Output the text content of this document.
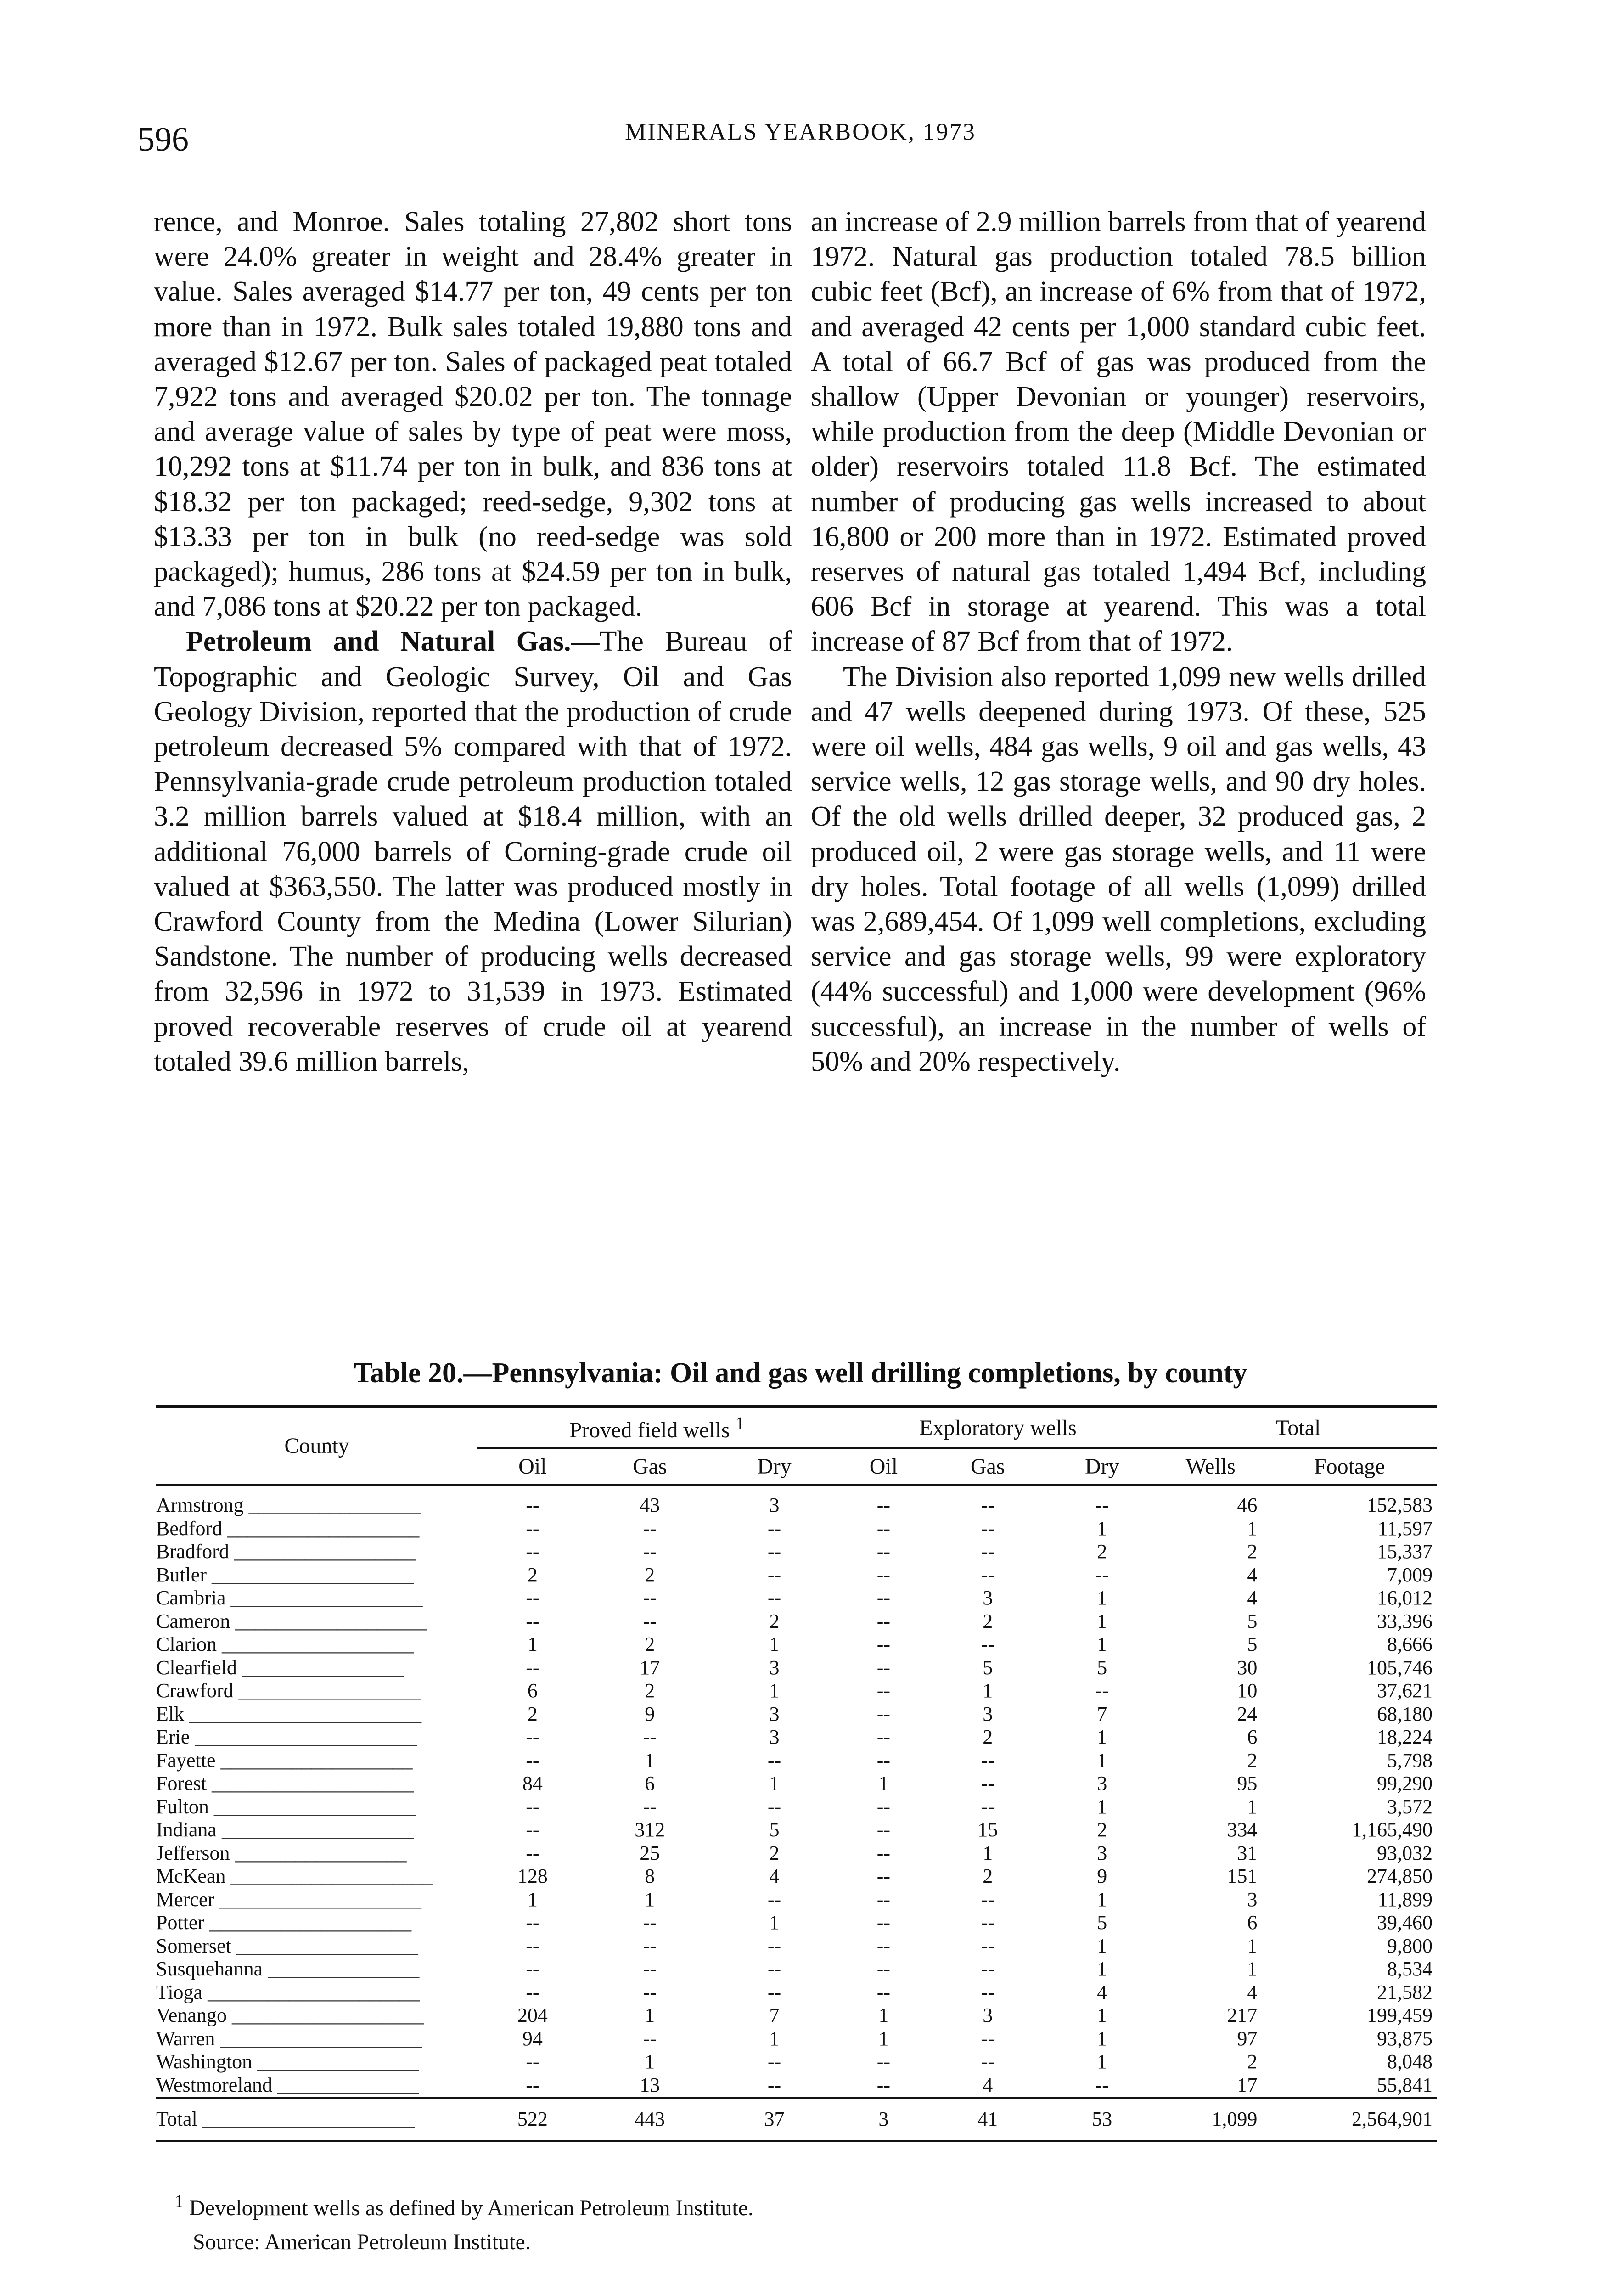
596	MINERALS YEARBOOK, 1973

rence, and Monroe. Sales totaling 27,802 short tons were 24.0% greater in weight and 28.4% greater in value. Sales averaged $14.77 per ton, 49 cents per ton more than in 1972. Bulk sales totaled 19,880 tons and averaged $12.67 per ton. Sales of packaged peat totaled 7,922 tons and averaged $20.02 per ton. The tonnage and average value of sales by type of peat were moss, 10,292 tons at $11.74 per ton in bulk, and 836 tons at $18.32 per ton packaged; reed-sedge, 9,302 tons at $13.33 per ton in bulk (no reed-sedge was sold packaged); humus, 286 tons at $24.59 per ton in bulk, and 7,086 tons at $20.22 per ton packaged.

Petroleum and Natural Gas.—The Bureau of Topographic and Geologic Survey, Oil and Gas Geology Division, reported that the production of crude petroleum decreased 5% compared with that of 1972. Pennsylvania-grade crude petroleum production totaled 3.2 million barrels valued at $18.4 million, with an additional 76,000 barrels of Corning-grade crude oil valued at $363,550. The latter was produced mostly in Crawford County from the Medina (Lower Silurian) Sandstone. The number of producing wells decreased from 32,596 in 1972 to 31,539 in 1973. Estimated proved recoverable reserves of crude oil at yearend totaled 39.6 million barrels,

an increase of 2.9 million barrels from that of yearend 1972. Natural gas production totaled 78.5 billion cubic feet (Bcf), an increase of 6% from that of 1972, and averaged 42 cents per 1,000 standard cubic feet. A total of 66.7 Bcf of gas was produced from the shallow (Upper Devonian or younger) reservoirs, while production from the deep (Middle Devonian or older) reservoirs totaled 11.8 Bcf. The estimated number of producing gas wells increased to about 16,800 or 200 more than in 1972. Estimated proved reserves of natural gas totaled 1,494 Bcf, including 606 Bcf in storage at yearend. This was a total increase of 87 Bcf from that of 1972.

The Division also reported 1,099 new wells drilled and 47 wells deepened during 1973. Of these, 525 were oil wells, 484 gas wells, 9 oil and gas wells, 43 service wells, 12 gas storage wells, and 90 dry holes. Of the old wells drilled deeper, 32 produced gas, 2 produced oil, 2 were gas storage wells, and 11 were dry holes. Total footage of all wells (1,099) drilled was 2,689,454. Of 1,099 well completions, excluding service and gas storage wells, 99 were exploratory (44% successful) and 1,000 were development (96% successful), an increase in the number of wells of 50% and 20% respectively.

Table 20.—Pennsylvania: Oil and gas well drilling completions, by county
County	Proved field wells $^1$			Exploratory wells			Total	
	Oil	Gas	Dry	Oil	Gas	Dry	Wells	Footage
Armstrong _________________	--	43	3	--	--	--	46	152,583
Bedford ___________________	--	--	--	--	--	1	1	11,597
Bradford __________________	--	--	--	--	--	2	2	15,337
Butler ____________________	2	2	--	--	--	--	4	7,009
Cambria ___________________	--	--	--	--	3	1	4	16,012
Cameron ___________________	--	--	2	--	2	1	5	33,396
Clarion ___________________	1	2	1	--	--	1	5	8,666
Clearfield ________________	--	17	3	--	5	5	30	105,746
Crawford __________________	6	2	1	--	1	--	10	37,621
Elk _______________________	2	9	3	--	3	7	24	68,180
Erie ______________________	--	--	3	--	2	1	6	18,224
Fayette ___________________	--	1	--	--	--	1	2	5,798
Forest ____________________	84	6	1	1	--	3	95	99,290
Fulton ____________________	--	--	--	--	--	1	1	3,572
Indiana ___________________	--	312	5	--	15	2	334	1,165,490
Jefferson _________________	--	25	2	--	1	3	31	93,032
McKean ____________________	128	8	4	--	2	9	151	274,850
Mercer ____________________	1	1	--	--	--	1	3	11,899
Potter ____________________	--	--	1	--	--	5	6	39,460
Somerset __________________	--	--	--	--	--	1	1	9,800
Susquehanna _______________	--	--	--	--	--	1	1	8,534
Tioga _____________________	--	--	--	--	--	4	4	21,582
Venango ___________________	204	1	7	1	3	1	217	199,459
Warren ____________________	94	--	1	1	--	1	97	93,875
Washington ________________	--	1	--	--	--	1	2	8,048
Westmoreland ______________	--	13	--	--	4	--	17	55,841
Total _____________________	522	443	37	3	41	53	1,099	2,564,901
$^1$ Development wells as defined by American Petroleum Institute.
Source: American Petroleum Institute.
